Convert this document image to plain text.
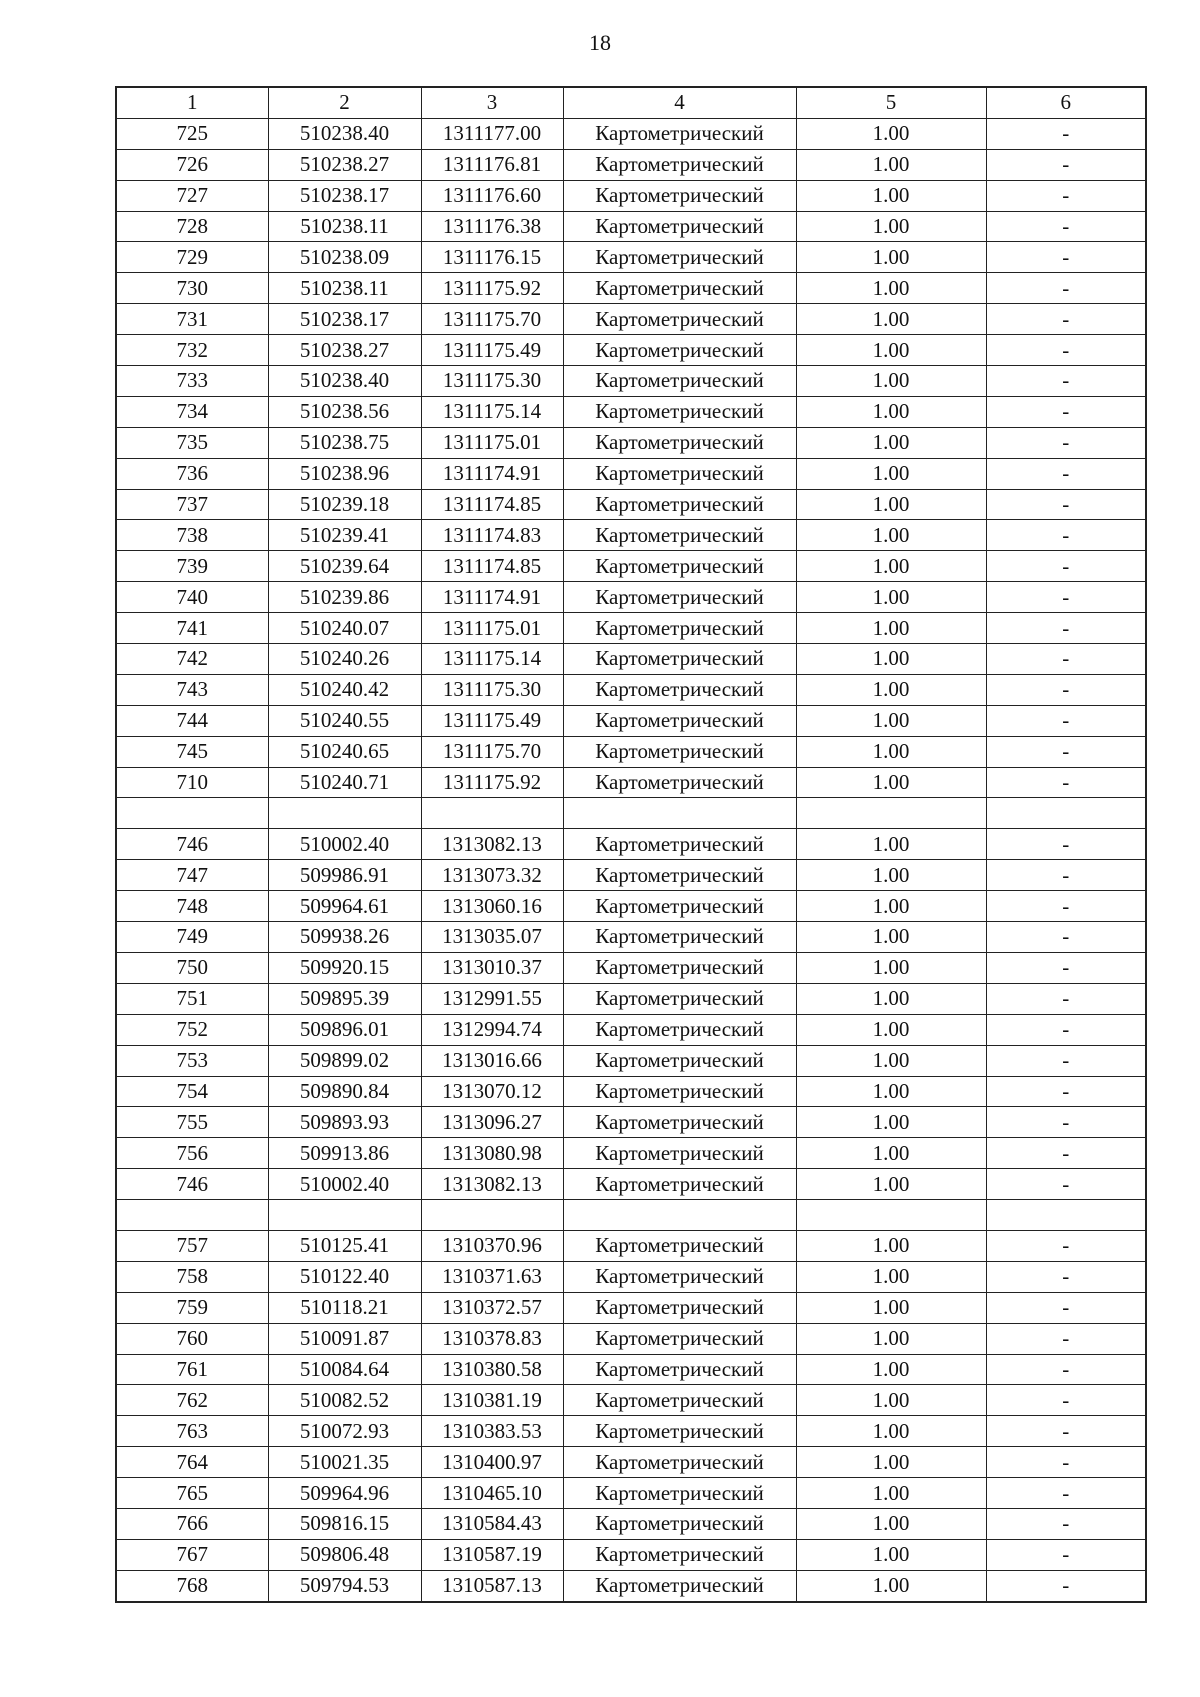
18
1	2	3	4	5	6
725	510238.40	1311177.00	Картометрический	1.00	-
726	510238.27	1311176.81	Картометрический	1.00	-
727	510238.17	1311176.60	Картометрический	1.00	-
728	510238.11	1311176.38	Картометрический	1.00	-
729	510238.09	1311176.15	Картометрический	1.00	-
730	510238.11	1311175.92	Картометрический	1.00	-
731	510238.17	1311175.70	Картометрический	1.00	-
732	510238.27	1311175.49	Картометрический	1.00	-
733	510238.40	1311175.30	Картометрический	1.00	-
734	510238.56	1311175.14	Картометрический	1.00	-
735	510238.75	1311175.01	Картометрический	1.00	-
736	510238.96	1311174.91	Картометрический	1.00	-
737	510239.18	1311174.85	Картометрический	1.00	-
738	510239.41	1311174.83	Картометрический	1.00	-
739	510239.64	1311174.85	Картометрический	1.00	-
740	510239.86	1311174.91	Картометрический	1.00	-
741	510240.07	1311175.01	Картометрический	1.00	-
742	510240.26	1311175.14	Картометрический	1.00	-
743	510240.42	1311175.30	Картометрический	1.00	-
744	510240.55	1311175.49	Картометрический	1.00	-
745	510240.65	1311175.70	Картометрический	1.00	-
710	510240.71	1311175.92	Картометрический	1.00	-

746	510002.40	1313082.13	Картометрический	1.00	-
747	509986.91	1313073.32	Картометрический	1.00	-
748	509964.61	1313060.16	Картометрический	1.00	-
749	509938.26	1313035.07	Картометрический	1.00	-
750	509920.15	1313010.37	Картометрический	1.00	-
751	509895.39	1312991.55	Картометрический	1.00	-
752	509896.01	1312994.74	Картометрический	1.00	-
753	509899.02	1313016.66	Картометрический	1.00	-
754	509890.84	1313070.12	Картометрический	1.00	-
755	509893.93	1313096.27	Картометрический	1.00	-
756	509913.86	1313080.98	Картометрический	1.00	-
746	510002.40	1313082.13	Картометрический	1.00	-

757	510125.41	1310370.96	Картометрический	1.00	-
758	510122.40	1310371.63	Картометрический	1.00	-
759	510118.21	1310372.57	Картометрический	1.00	-
760	510091.87	1310378.83	Картометрический	1.00	-
761	510084.64	1310380.58	Картометрический	1.00	-
762	510082.52	1310381.19	Картометрический	1.00	-
763	510072.93	1310383.53	Картометрический	1.00	-
764	510021.35	1310400.97	Картометрический	1.00	-
765	509964.96	1310465.10	Картометрический	1.00	-
766	509816.15	1310584.43	Картометрический	1.00	-
767	509806.48	1310587.19	Картометрический	1.00	-
768	509794.53	1310587.13	Картометрический	1.00	-
